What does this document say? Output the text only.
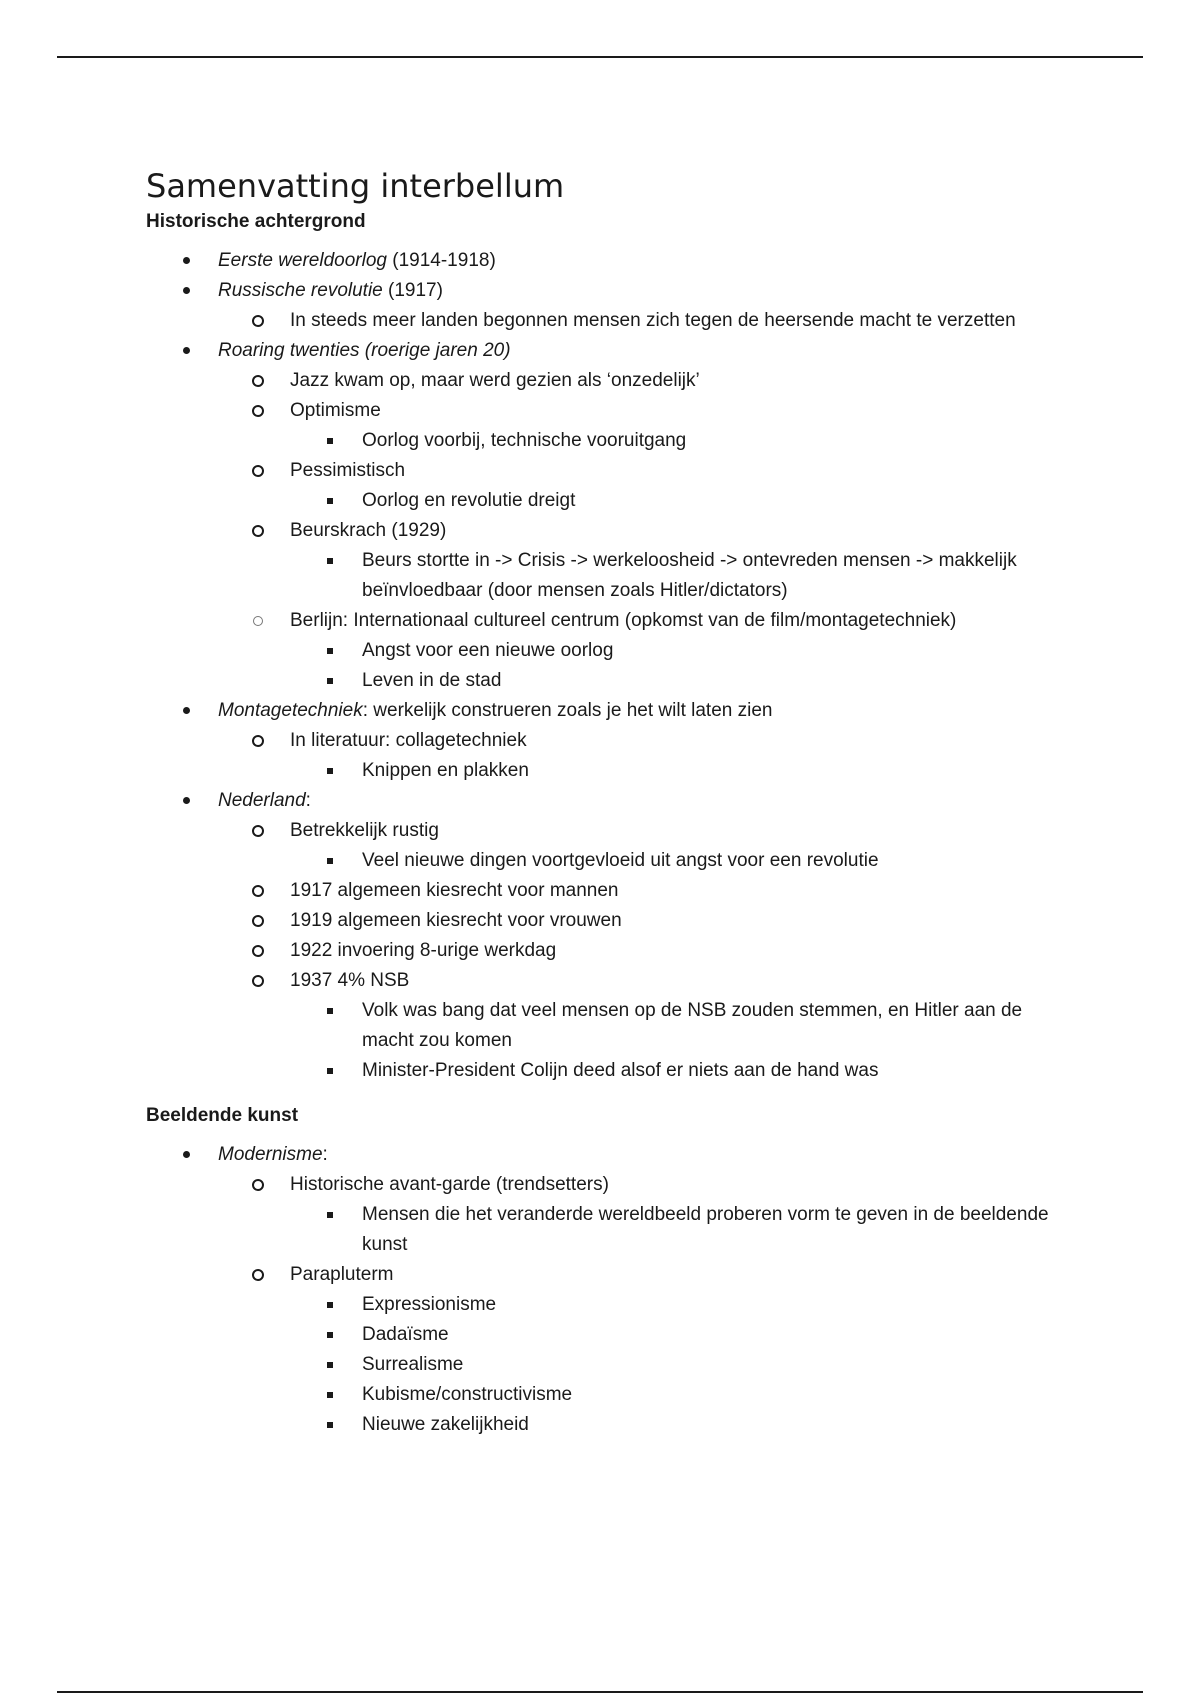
Samenvatting interbellum
Historische achtergrond
Eerste wereldoorlog (1914-1918)
Russische revolutie (1917)
In steeds meer landen begonnen mensen zich tegen de heersende macht te verzetten
Roaring twenties (roerige jaren 20)
Jazz kwam op, maar werd gezien als ‘onzedelijk’
Optimisme
Oorlog voorbij, technische vooruitgang
Pessimistisch
Oorlog en revolutie dreigt
Beurskrach (1929)
Beurs stortte in -> Crisis -> werkeloosheid -> ontevreden mensen -> makkelijk beïnvloedbaar (door mensen zoals Hitler/dictators)
Berlijn: Internationaal cultureel centrum (opkomst van de film/montagetechniek)
Angst voor een nieuwe oorlog
Leven in de stad
Montagetechniek: werkelijk construeren zoals je het wilt laten zien
In literatuur: collagetechniek
Knippen en plakken
Nederland:
Betrekkelijk rustig
Veel nieuwe dingen voortgevloeid uit angst voor een revolutie
1917 algemeen kiesrecht voor mannen
1919 algemeen kiesrecht voor vrouwen
1922 invoering 8-urige werkdag
1937 4% NSB
Volk was bang dat veel mensen op de NSB zouden stemmen, en Hitler aan de macht zou komen
Minister-President Colijn deed alsof er niets aan de hand was
Beeldende kunst
Modernisme:
Historische avant-garde (trendsetters)
Mensen die het veranderde wereldbeeld proberen vorm te geven in de beeldende kunst
Parapluterm
Expressionisme
Dadaïsme
Surrealisme
Kubisme/constructivisme
Nieuwe zakelijkheid
